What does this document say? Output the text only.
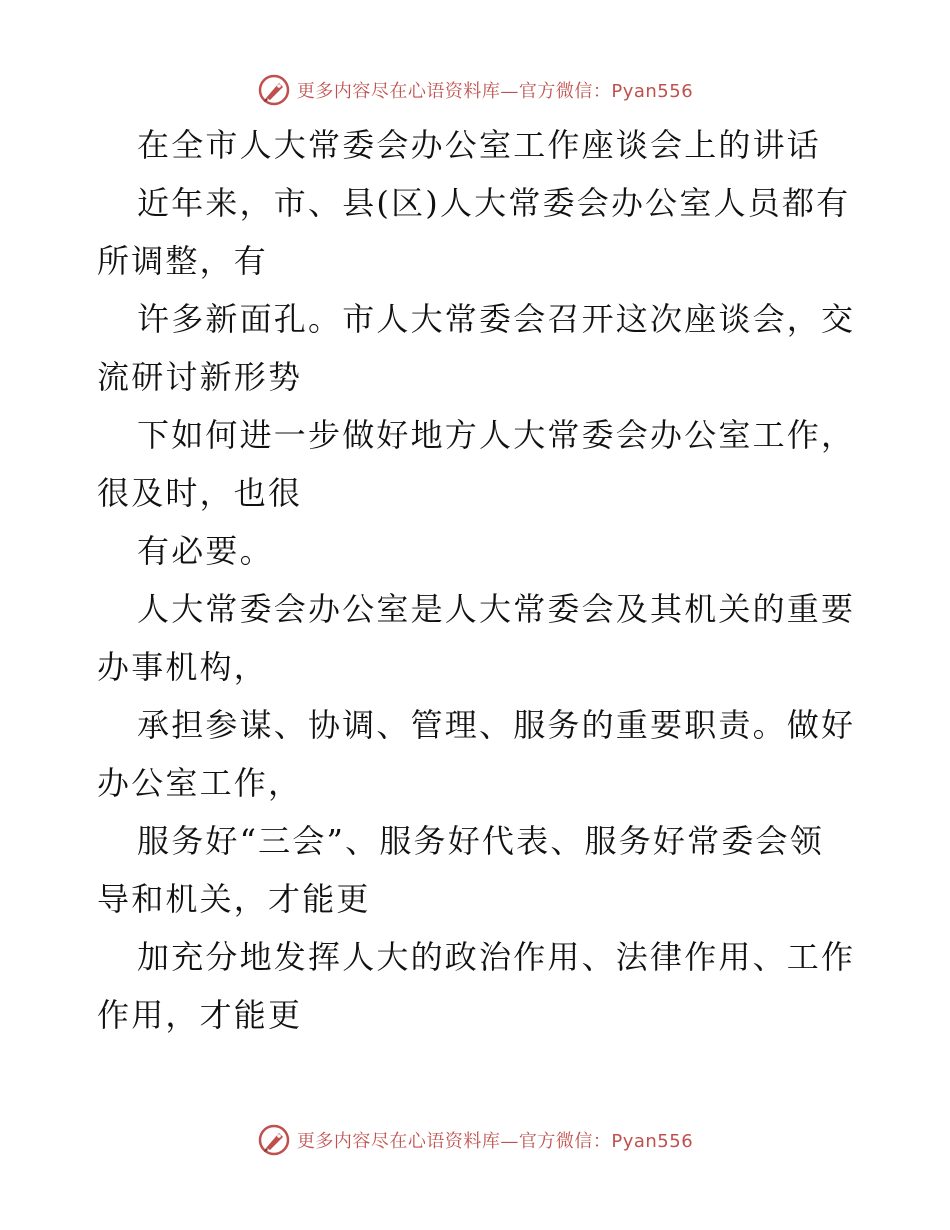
更多内容尽在心语资料库—官方微信：Pyan556

在全市人大常委会办公室工作座谈会上的讲话

近年来，市、县(区)人大常委会办公室人员都有所调整，有

许多新面孔。市人大常委会召开这次座谈会，交流研讨新形势

下如何进一步做好地方人大常委会办公室工作，很及时，也很

有必要。

人大常委会办公室是人大常委会及其机关的重要办事机构，

承担参谋、协调、管理、服务的重要职责。做好办公室工作，

服务好“三会”、服务好代表、服务好常委会领导和机关，才能更

加充分地发挥人大的政治作用、法律作用、工作作用，才能更

更多内容尽在心语资料库—官方微信：Pyan556
